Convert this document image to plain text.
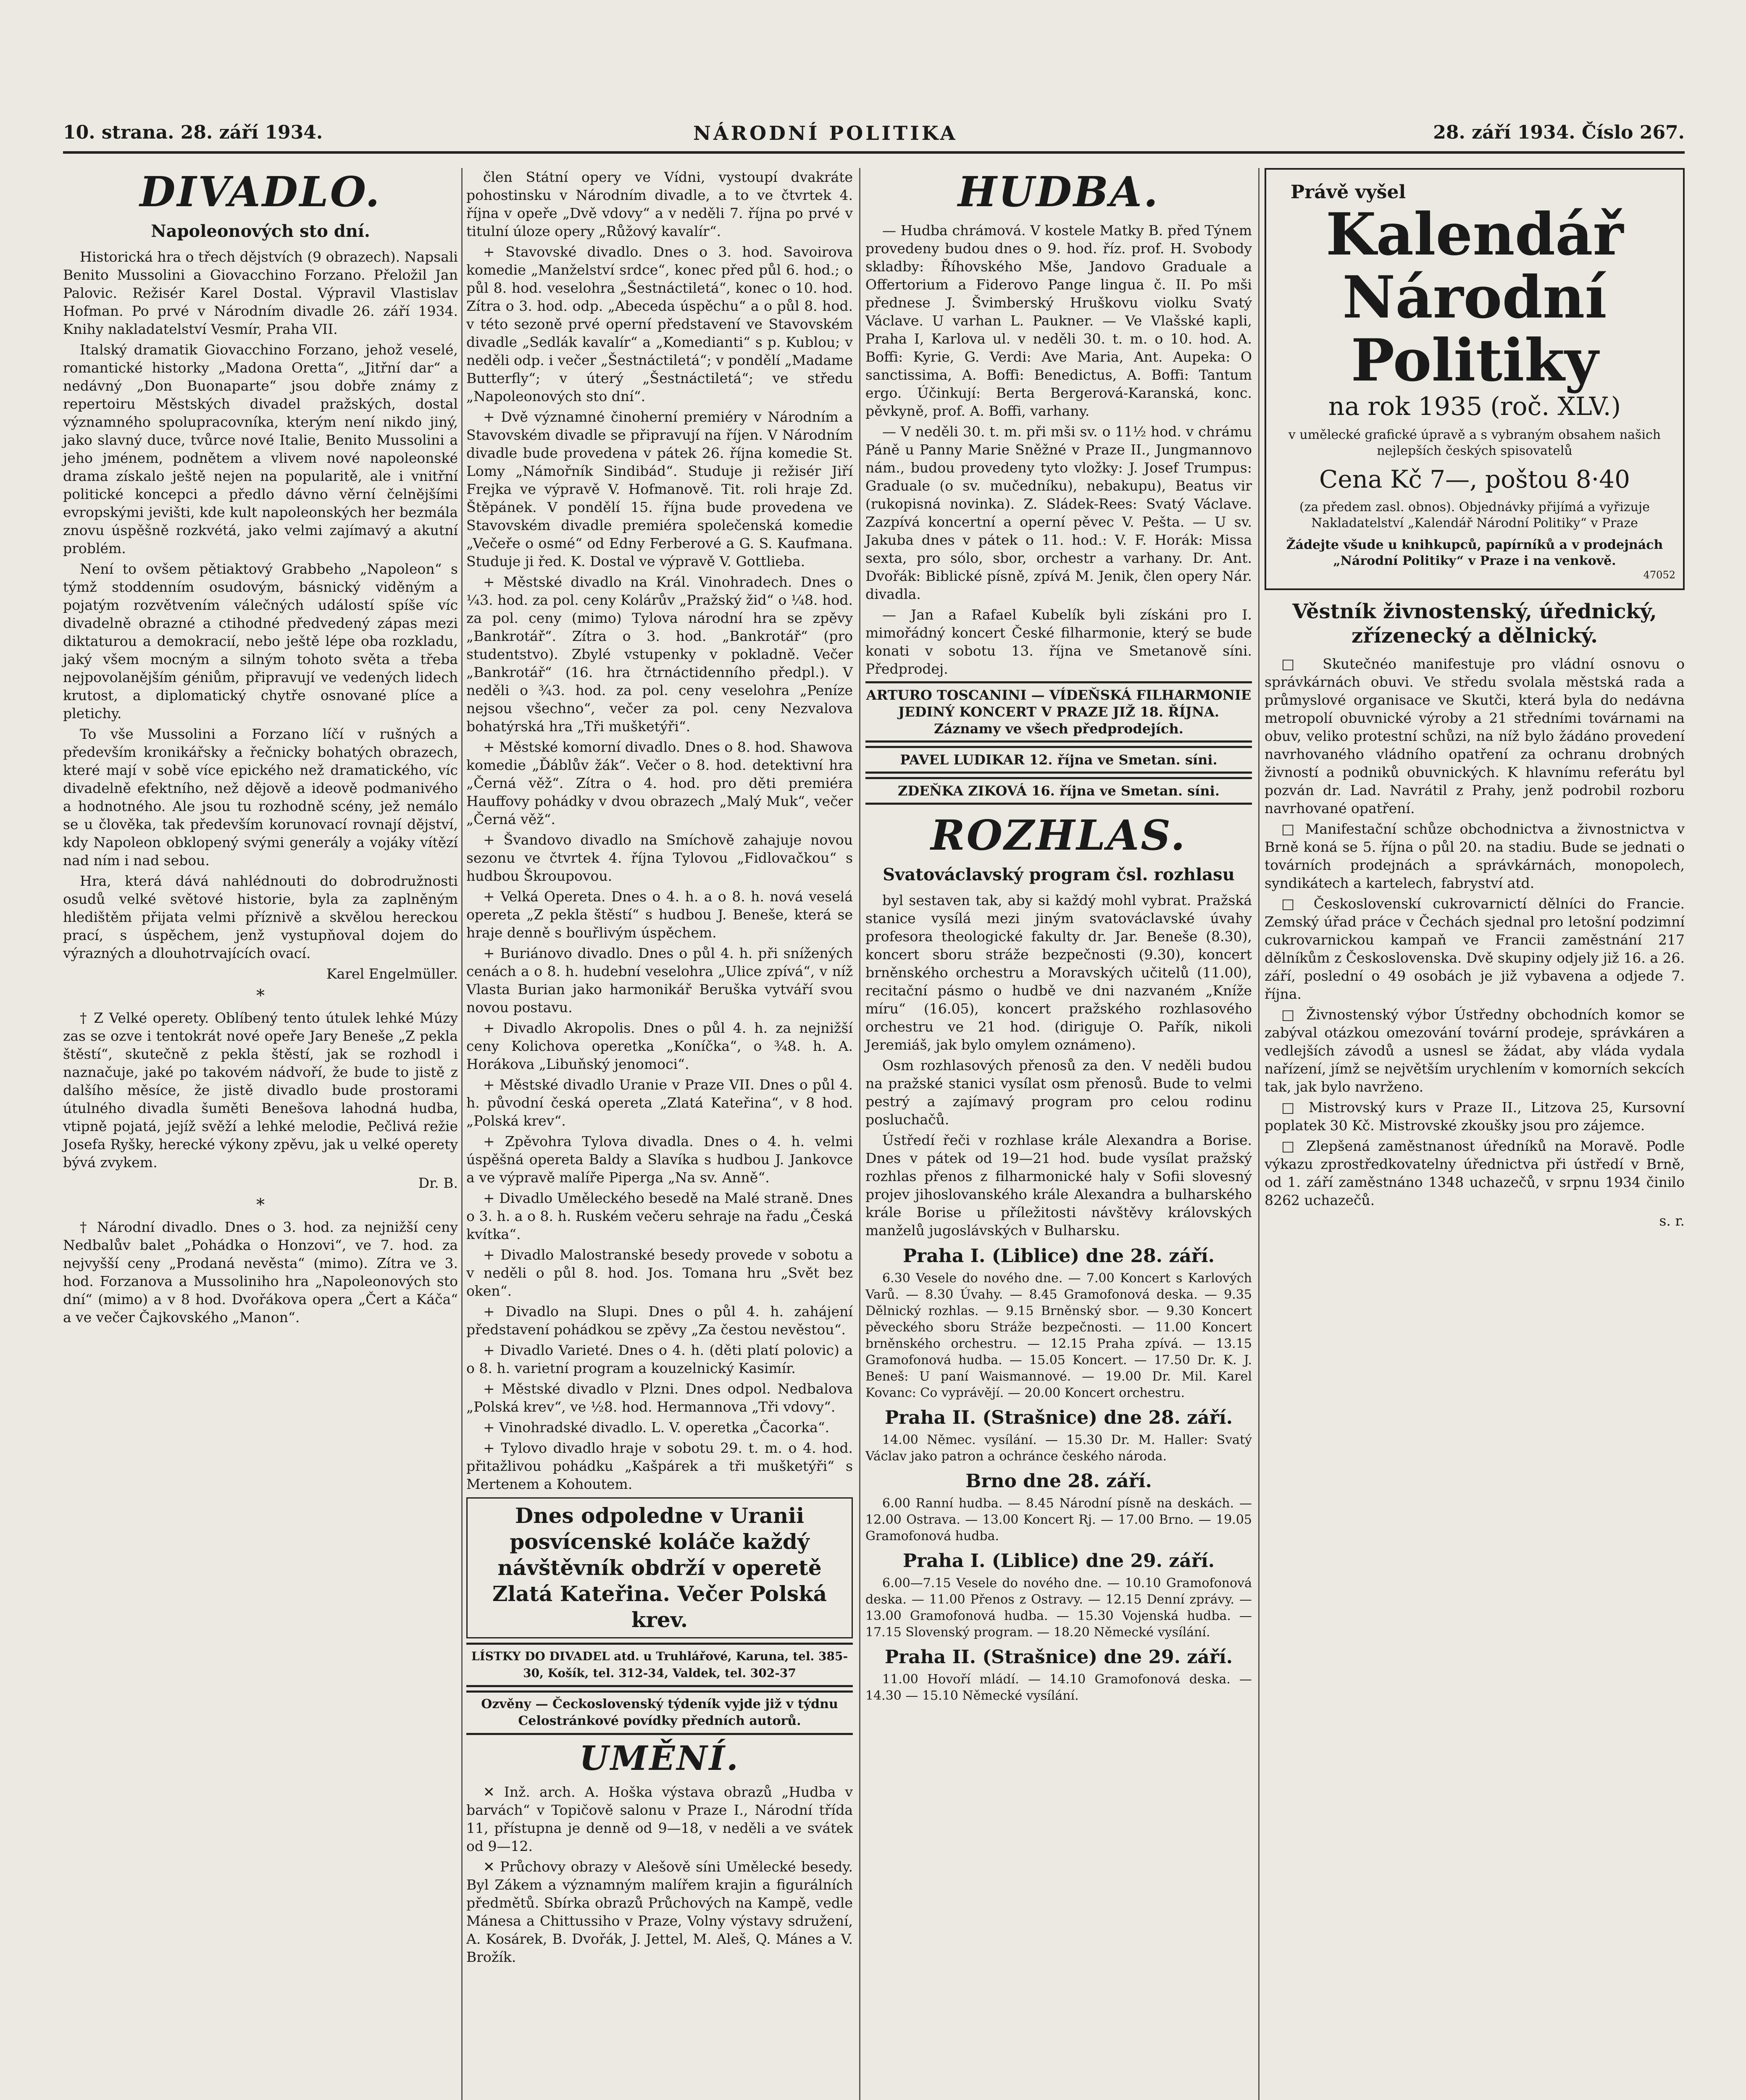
10. strana. 28. září 1934.	NÁRODNÍ POLITIKA	28. září 1934. Číslo 267.
DIVADLO.
Napoleonových sto dní.

Historická hra o třech dějstvích (9 obrazech). Napsali Benito Mussolini a Giovacchino Forzano. Přeložil Jan Palovic. Režisér Karel Dostal. Výpravil Vlastislav Hofman. Po prvé v Národním divadle 26. září 1934. Knihy nakladatelství Vesmír, Praha VII.

Italský dramatik Giovacchino Forzano, jehož veselé, romantické historky „Madona Oretta“, „Jitřní dar“ a nedávný „Don Buonaparte“ jsou dobře známy z repertoiru Městských divadel pražských, dostal významného spolupracovníka, kterým není nikdo jiný, jako slavný duce, tvůrce nové Italie, Benito Mussolini a jeho jménem, podnětem a vlivem nové napoleonské drama získalo ještě nejen na popularitě, ale i vnitřní politické koncepci a předlo dávno věrní čelnějšími evropskými jevišti, kde kult napoleonských her bezmála znovu úspěšně rozkvétá, jako velmi zajímavý a akutní problém.

Není to ovšem pětiaktový Grabbeho „Napoleon“ s týmž stoddenním osudovým, básnický viděným a pojatým rozvětvením válečných událostí spíše víc divadelně obrazné a ctihodné předvedený zápas mezi diktaturou a demokracií, nebo ještě lépe oba rozkladu, jaký všem mocným a silným tohoto světa a třeba nejpovolanějším géniům, připravují ve vedených lidech krutost, a diplomatický chytře osnované plíce a pletichy.

To vše Mussolini a Forzano líčí v rušných a především kronikářsky a řečnicky bohatých obrazech, které mají v sobě více epického než dramatického, víc divadelně efektního, než dějově a ideově podmanivého a hodnotného. Ale jsou tu rozhodně scény, jež nemálo se u člověka, tak především korunovací rovnají dějství, kdy Napoleon obklopený svými generály a vojáky vítězí nad ním i nad sebou.

Hra, která dává nahlédnouti do dobrodružnosti osudů velké světové historie, byla za zaplněným hledištěm přijata velmi příznivě a skvělou hereckou prací, s úspěchem, jenž vystupňoval dojem do výrazných a dlouhotrvajících ovací.

Karel Engelmüller.

*

† Z Velké operety. Oblíbený tento útulek lehké Múzy zas se ozve i tentokrát nové opeře Jary Beneše „Z pekla štěstí“, skutečně z pekla štěstí, jak se rozhodl i naznačuje, jaké po takovém nádvoří, že bude to jistě z dalšího měsíce, že jistě divadlo bude prostorami útulného divadla šuměti Benešova lahodná hudba, vtipně pojatá, jejíž svěží a lehké melodie, Pečlivá režie Josefa Ryšky, herecké výkony zpěvu, jak u velké operety bývá zvykem.

Dr. B.

*

† Národní divadlo. Dnes o 3. hod. za nejnižší ceny Nedbalův balet „Pohádka o Honzovi“, ve 7. hod. za nejvyšší ceny „Prodaná nevěsta“ (mimo). Zítra ve 3. hod. Forzanova a Mussoliniho hra „Napoleonových sto dní“ (mimo) a v 8 hod. Dvořákova opera „Čert a Káča“ a ve večer Čajkovského „Manon“.

člen Státní opery ve Vídni, vystoupí dvakráte pohostinsku v Národním divadle, a to ve čtvrtek 4. října v opeře „Dvě vdovy“ a v neděli 7. října po prvé v titulní úloze opery „Růžový kavalír“.

+ Stavovské divadlo. Dnes o 3. hod. Savoirova komedie „Manželství srdce“, konec před půl 6. hod.; o půl 8. hod. veselohra „Šestnáctiletá“, konec o 10. hod. Zítra o 3. hod. odp. „Abeceda úspěchu“ a o půl 8. hod. v této sezoně prvé operní představení ve Stavovském divadle „Sedlák kavalír“ a „Komedianti“ s p. Kublou; v neděli odp. i večer „Šestnáctiletá“; v pondělí „Madame Butterfly“; v úterý „Šestnáctiletá“; ve středu „Napoleonových sto dní“.

+ Dvě významné činoherní premiéry v Národním a Stavovském divadle se připravují na říjen. V Národním divadle bude provedena v pátek 26. října komedie St. Lomy „Námořník Sindibád“. Studuje ji režisér Jiří Frejka ve výpravě V. Hofmanově. Tit. roli hraje Zd. Štěpánek. V pondělí 15. října bude provedena ve Stavovském divadle premiéra společenská komedie „Večeře o osmé“ od Edny Ferberové a G. S. Kaufmana. Studuje ji řed. K. Dostal ve výpravě V. Gottlieba.

+ Městské divadlo na Král. Vinohradech. Dnes o ¼3. hod. za pol. ceny Kolárův „Pražský žid“ o ¼8. hod. za pol. ceny (mimo) Tylova národní hra se zpěvy „Bankrotář“. Zítra o 3. hod. „Bankrotář“ (pro studentstvo). Zbylé vstupenky v pokladně. Večer „Bankrotář“ (16. hra čtrnáctidenního předpl.). V neděli o ¾3. hod. za pol. ceny veselohra „Peníze nejsou všechno“, večer za pol. ceny Nezvalova bohatýrská hra „Tři mušketýři“.

+ Městské komorní divadlo. Dnes o 8. hod. Shawova komedie „Ďáblův žák“. Večer o 8. hod. detektivní hra „Černá věž“. Zítra o 4. hod. pro děti premiéra Hauffovy pohádky v dvou obrazech „Malý Muk“, večer „Černá věž“.

+ Švandovo divadlo na Smíchově zahajuje novou sezonu ve čtvrtek 4. října Tylovou „Fidlovačkou“ s hudbou Škroupovou.

+ Velká Opereta. Dnes o 4. h. a o 8. h. nová veselá opereta „Z pekla štěstí“ s hudbou J. Beneše, která se hraje denně s bouřlivým úspěchem.

+ Buriánovo divadlo. Dnes o půl 4. h. při snížených cenách a o 8. h. hudební veselohra „Ulice zpívá“, v níž Vlasta Burian jako harmonikář Beruška vytváří svou novou postavu.

+ Divadlo Akropolis. Dnes o půl 4. h. za nejnižší ceny Kolichova operetka „Koníčka“, o ¾8. h. A. Horákova „Libuňský jenomoci“.

+ Městské divadlo Uranie v Praze VII. Dnes o půl 4. h. původní česká opereta „Zlatá Kateřina“, v 8 hod. „Polská krev“.

+ Zpěvohra Tylova divadla. Dnes o 4. h. velmi úspěšná opereta Baldy a Slavíka s hudbou J. Jankovce a ve výpravě malíře Piperga „Na sv. Anně“.

+ Divadlo Uměleckého besedě na Malé straně. Dnes o 3. h. a o 8. h. Ruském večeru sehraje na řadu „Česká kvítka“.

+ Divadlo Malostranské besedy provede v sobotu a v neděli o půl 8. hod. Jos. Tomana hru „Svět bez oken“.

+ Divadlo na Slupi. Dnes o půl 4. h. zahájení představení pohádkou se zpěvy „Za čestou nevěstou“.

+ Divadlo Varieté. Dnes o 4. h. (děti platí polovic) a o 8. h. varietní program a kouzelnický Kasimír.

+ Městské divadlo v Plzni. Dnes odpol. Nedbalova „Polská krev“, ve ½8. hod. Hermannova „Tři vdovy“.

+ Vinohradské divadlo. L. V. operetka „Čacorka“.

+ Tylovo divadlo hraje v sobotu 29. t. m. o 4. hod. přitažlivou pohádku „Kašpárek a tři mušketýři“ s Mertenem a Kohoutem.

Dnes odpoledne v Uranii posvícenské koláče každý návštěvník obdrží v operetě Zlatá Kateřina. Večer Polská krev.
LÍSTKY DO DIVADEL atd. u Truhlářové, Karuna, tel. 385-30, Košík, tel. 312-34, Valdek, tel. 302-37
Ozvěny — Čeckoslovenský týdeník vyjde již v týdnu Celostránkové povídky předních autorů.
UMĚNÍ.

✕ Inž. arch. A. Hoška výstava obrazů „Hudba v barvách“ v Topičově salonu v Praze I., Národní třída 11, přístupna je denně od 9—18, v neděli a ve svátek od 9—12.

✕ Průchovy obrazy v Alešově síni Umělecké besedy. Byl Zákem a významným malířem krajin a figurálních předmětů. Sbírka obrazů Průchových na Kampě, vedle Mánesa a Chittussiho v Praze, Volny výstavy sdružení, A. Kosárek, B. Dvořák, J. Jettel, M. Aleš, Q. Mánes a V. Brožík.

HUDBA.

— Hudba chrámová. V kostele Matky B. před Týnem provedeny budou dnes o 9. hod. říz. prof. H. Svobody skladby: Říhovského Mše, Jandovo Graduale a Offertorium a Fiderovo Pange lingua č. II. Po mši přednese J. Švimberský Hruškovu violku Svatý Václave. U varhan L. Paukner. — Ve Vlašské kapli, Praha I, Karlova ul. v neděli 30. t. m. o 10. hod. A. Boffi: Kyrie, G. Verdi: Ave Maria, Ant. Aupeka: O sanctissima, A. Boffi: Benedictus, A. Boffi: Tantum ergo. Účinkují: Berta Bergerová-Karanská, konc. pěvkyně, prof. A. Boffi, varhany.

— V neděli 30. t. m. při mši sv. o 11½ hod. v chrámu Páně u Panny Marie Sněžné v Praze II., Jungmannovo nám., budou provedeny tyto vložky: J. Josef Trumpus: Graduale (o sv. mučedníku), nebakupu), Beatus vir (rukopisná novinka). Z. Sládek-Rees: Svatý Václave. Zazpívá koncertní a operní pěvec V. Pešta. — U sv. Jakuba dnes v pátek o 11. hod.: V. F. Horák: Missa sexta, pro sólo, sbor, orchestr a varhany. Dr. Ant. Dvořák: Biblické písně, zpívá M. Jenik, člen opery Nár. divadla.

— Jan a Rafael Kubelík byli získáni pro I. mimořádný koncert České filharmonie, který se bude konati v sobotu 13. října ve Smetanově síni. Předprodej.

ARTURO TOSCANINI — VÍDEŇSKÁ FILHARMONIE JEDINÝ KONCERT V PRAZE JIŽ 18. ŘÍJNA. Záznamy ve všech předprodejích.
PAVEL LUDIKAR 12. října ve Smetan. síni.
ZDEŇKA ZIKOVÁ 16. října ve Smetan. síni.
ROZHLAS.
Svatováclavský program čsl. rozhlasu

byl sestaven tak, aby si každý mohl vybrat. Pražská stanice vysílá mezi jiným svatováclavské úvahy profesora theologické fakulty dr. Jar. Beneše (8.30), koncert sboru stráže bezpečnosti (9.30), koncert brněnského orchestru a Moravských učitelů (11.00), recitační pásmo o hudbě ve dni nazvaném „Kníže míru“ (16.05), koncert pražského rozhlasového orchestru ve 21 hod. (diriguje O. Pařík, nikoli Jeremiáš, jak bylo omylem oznámeno).

Osm rozhlasových přenosů za den. V neděli budou na pražské stanici vysílat osm přenosů. Bude to velmi pestrý a zajímavý program pro celou rodinu posluchačů.

Ústředí řeči v rozhlase krále Alexandra a Borise. Dnes v pátek od 19—21 hod. bude vysílat pražský rozhlas přenos z filharmonické haly v Sofii slovesný projev jihoslovanského krále Alexandra a bulharského krále Borise u příležitosti návštěvy královských manželů jugoslávských v Bulharsku.

Praha I. (Liblice) dne 28. září.

6.30 Vesele do nového dne. — 7.00 Koncert s Karlových Varů. — 8.30 Úvahy. — 8.45 Gramofonová deska. — 9.35 Dělnický rozhlas. — 9.15 Brněnský sbor. — 9.30 Koncert pěveckého sboru Stráže bezpečnosti. — 11.00 Koncert brněnského orchestru. — 12.15 Praha zpívá. — 13.15 Gramofonová hudba. — 15.05 Koncert. — 17.50 Dr. K. J. Beneš: U paní Waismannové. — 19.00 Dr. Mil. Karel Kovanc: Co vyprávějí. — 20.00 Koncert orchestru.

Praha II. (Strašnice) dne 28. září.

14.00 Němec. vysílání. — 15.30 Dr. M. Haller: Svatý Václav jako patron a ochránce českého národa.

Brno dne 28. září.

6.00 Ranní hudba. — 8.45 Národní písně na deskách. — 12.00 Ostrava. — 13.00 Koncert Rj. — 17.00 Brno. — 19.05 Gramofonová hudba.

Praha I. (Liblice) dne 29. září.

6.00—7.15 Vesele do nového dne. — 10.10 Gramofonová deska. — 11.00 Přenos z Ostravy. — 12.15 Denní zprávy. — 13.00 Gramofonová hudba. — 15.30 Vojenská hudba. — 17.15 Slovenský program. — 18.20 Německé vysílání.

Praha II. (Strašnice) dne 29. září.

11.00 Hovoří mládí. — 14.10 Gramofonová deska. — 14.30 — 15.10 Německé vysílání.

Právě vyšel
Kalendář Národní Politiky
na rok 1935 (roč. XLV.)
v umělecké grafické úpravě a s vybraným obsahem našich nejlepších českých spisovatelů
Cena Kč 7—, poštou 8·40
(za předem zasl. obnos). Objednávky přijímá a vyřizuje Nakladatelství „Kalendář Národní Politiky“ v Praze
Žádejte všude u knihkupců, papírníků a v prodejnách „Národní Politiky“ v Praze i na venkově.
47052
Věstník živnostenský, úřednický, zřízenecký a dělnický.

□ Skutečnéo manifestuje pro vládní osnovu o správkárnách obuvi. Ve středu svolala městská rada a průmyslové organisace ve Skutči, která byla do nedávna metropolí obuvnické výroby a 21 středními továrnami na obuv, veliko protestní schůzi, na níž bylo žádáno provedení navrhovaného vládního opatření za ochranu drobných živností a podniků obuvnických. K hlavnímu referátu byl pozván dr. Lad. Navrátil z Prahy, jenž podrobil rozboru navrhované opatření.

□ Manifestační schůze obchodnictva a živnostnictva v Brně koná se 5. října o půl 20. na stadiu. Bude se jednati o továrních prodejnách a správkárnách, monopolech, syndikátech a kartelech, fabryství atd.

□ Československí cukrovarnictí dělníci do Francie. Zemský úřad práce v Čechách sjednal pro letošní podzimní cukrovarnickou kampaň ve Francii zaměstnání 217 dělníkům z Československa. Dvě skupiny odjely již 16. a 26. září, poslední o 49 osobách je již vybavena a odjede 7. října.

□ Živnostenský výbor Ústředny obchodních komor se zabýval otázkou omezování tovární prodeje, správkáren a vedlejších závodů a usnesl se žádat, aby vláda vydala nařízení, jímž se největším urychlením v komorních sekcích tak, jak bylo navrženo.

□ Mistrovský kurs v Praze II., Litzova 25, Kursovní poplatek 30 Kč. Mistrovské zkoušky jsou pro zájemce.

□ Zlepšená zaměstnanost úředníků na Moravě. Podle výkazu zprostředkovatelny úřednictva při ústředí v Brně, od 1. září zaměstnáno 1348 uchazečů, v srpnu 1934 činilo 8262 uchazečů.

s. r.
